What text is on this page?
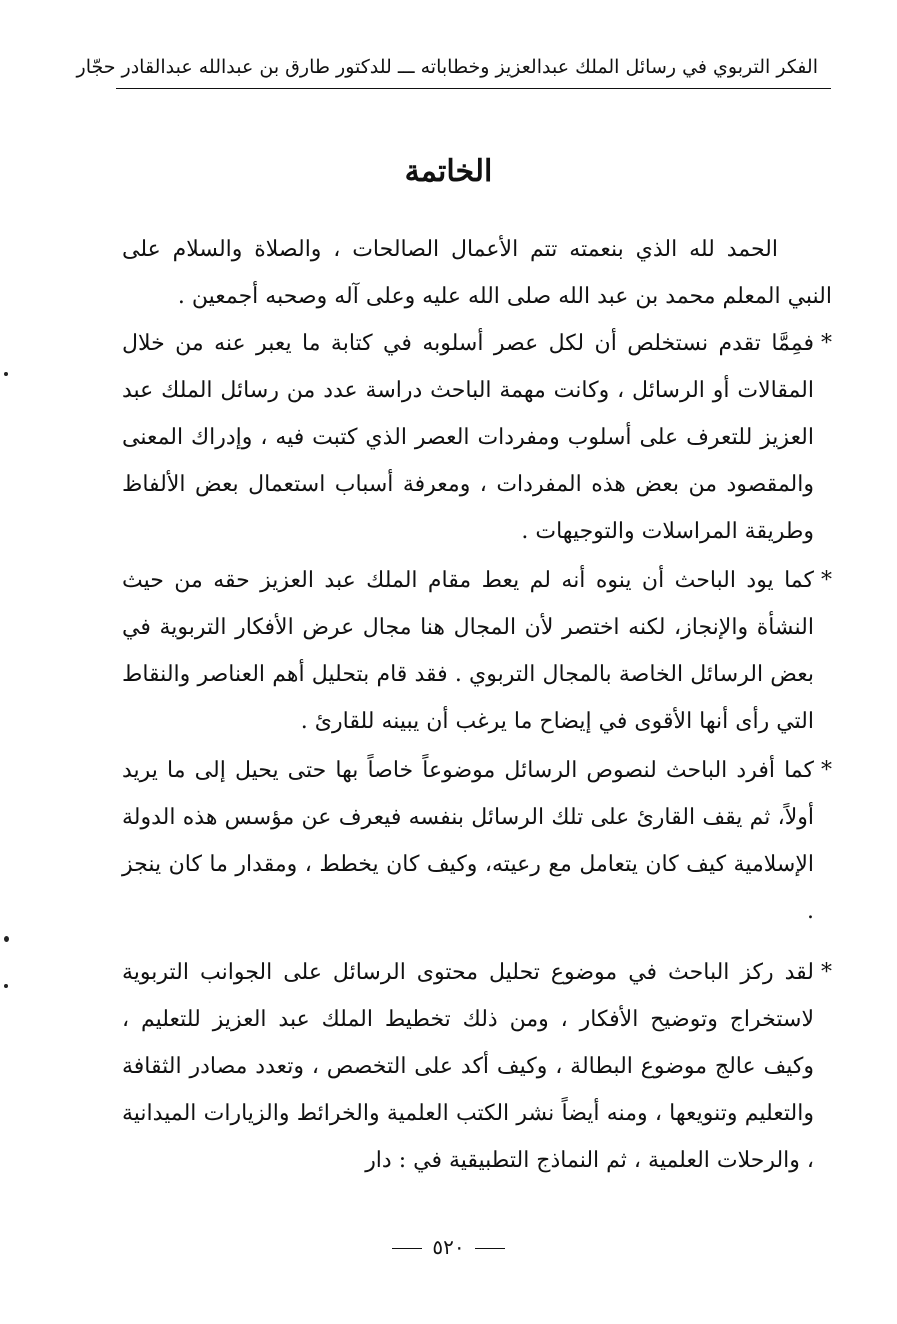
الفكر التربوي في رسائل الملك عبدالعزيز وخطاباته ـــ للدكتور طارق بن عبدالله عبدالقادر حجّار
الخاتمة

الحمد لله الذي بنعمته تتم الأعمال الصالحات ، والصلاة والسلام على النبي المعلم محمد بن عبد الله صلى الله عليه وعلى آله وصحبه أجمعين .

*
فمِمَّا تقدم نستخلص أن لكل عصر أسلوبه في كتابة ما يعبر عنه من خلال المقالات أو الرسائل ، وكانت مهمة الباحث دراسة عدد من رسائل الملك عبد العزيز للتعرف على أسلوب ومفردات العصر الذي كتبت فيه ، وإدراك المعنى والمقصود من بعض هذه المفردات ، ومعرفة أسباب استعمال بعض الألفاظ وطريقة المراسلات والتوجيهات .
*
كما يود الباحث أن ينوه أنه لم يعط مقام الملك عبد العزيز حقه من حيث النشأة والإنجاز، لكنه اختصر لأن المجال هنا مجال عرض الأفكار التربوية في بعض الرسائل الخاصة بالمجال التربوي . فقد قام بتحليل أهم العناصر والنقاط التي رأى أنها الأقوى في إيضاح ما يرغب أن يبينه للقارئ .
*
كما أفرد الباحث لنصوص الرسائل موضوعاً خاصاً بها حتى يحيل إلى ما يريد أولاً، ثم يقف القارئ على تلك الرسائل بنفسه فيعرف عن مؤسس هذه الدولة الإسلامية كيف كان يتعامل مع رعيته، وكيف كان يخطط ، ومقدار ما كان ينجز .
*
لقد ركز الباحث في موضوع تحليل محتوى الرسائل على الجوانب التربوية لاستخراج وتوضيح الأفكار ، ومن ذلك تخطيط الملك عبد العزيز للتعليم ، وكيف عالج موضوع البطالة ، وكيف أكد على التخصص ، وتعدد مصادر الثقافة والتعليم وتنويعها ، ومنه أيضاً نشر الكتب العلمية والخرائط والزيارات الميدانية ، والرحلات العلمية ، ثم النماذج التطبيقية في : دار
٥٢٠
